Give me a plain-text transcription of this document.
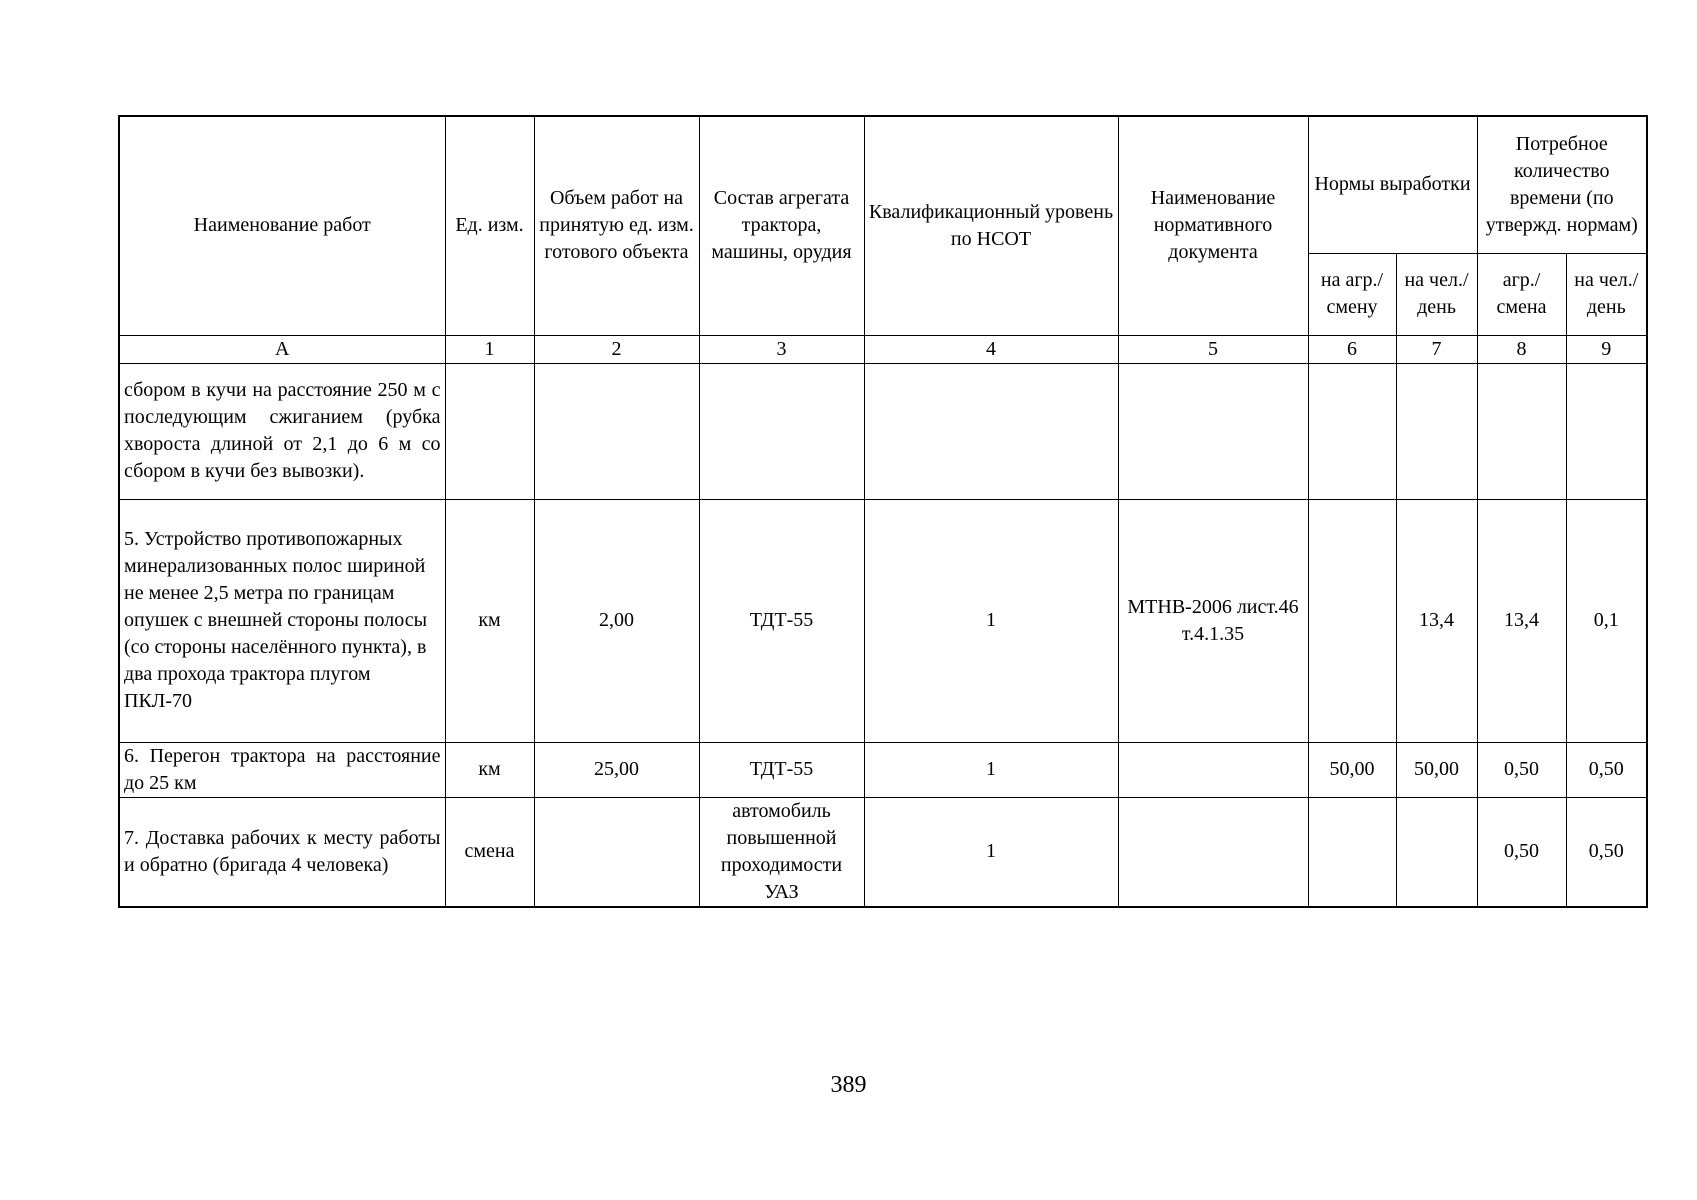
Наименование работ	Ед. изм.	Объем работ на принятую ед. изм. готового объекта	Состав агрегата трактора, машины, орудия	Квалификационный уровень по НСОТ	Наименование нормативного документа	Нормы выработки		Потребное количество времени (по утвержд. нормам)	
						на агр./ смену	на чел./ день	агр./ смена	на чел./ день
А	1	2	3	4	5	6	7	8	9
сбором в кучи на расстояние 250 м с последующим сжиганием (рубка хвороста длиной от 2,1 до 6 м со сбором в кучи без вывозки).									
5. Устройство противопожарных минерализованных полос шириной не менее 2,5 метра по границам опушек с внешней стороны полосы (со стороны населённого пункта), в два прохода трактора плугом ПКЛ-70	км	2,00	ТДТ-55	1	МТНВ-2006 лист.46 т.4.1.35		13,4	13,4	0,1
6. Перегон трактора на расстояние до 25 км	км	25,00	ТДТ-55	1		50,00	50,00	0,50	0,50
7. Доставка рабочих к месту работы и обратно (бригада 4 человека)	смена		автомобиль повышенной проходимости УАЗ	1				0,50	0,50
389
